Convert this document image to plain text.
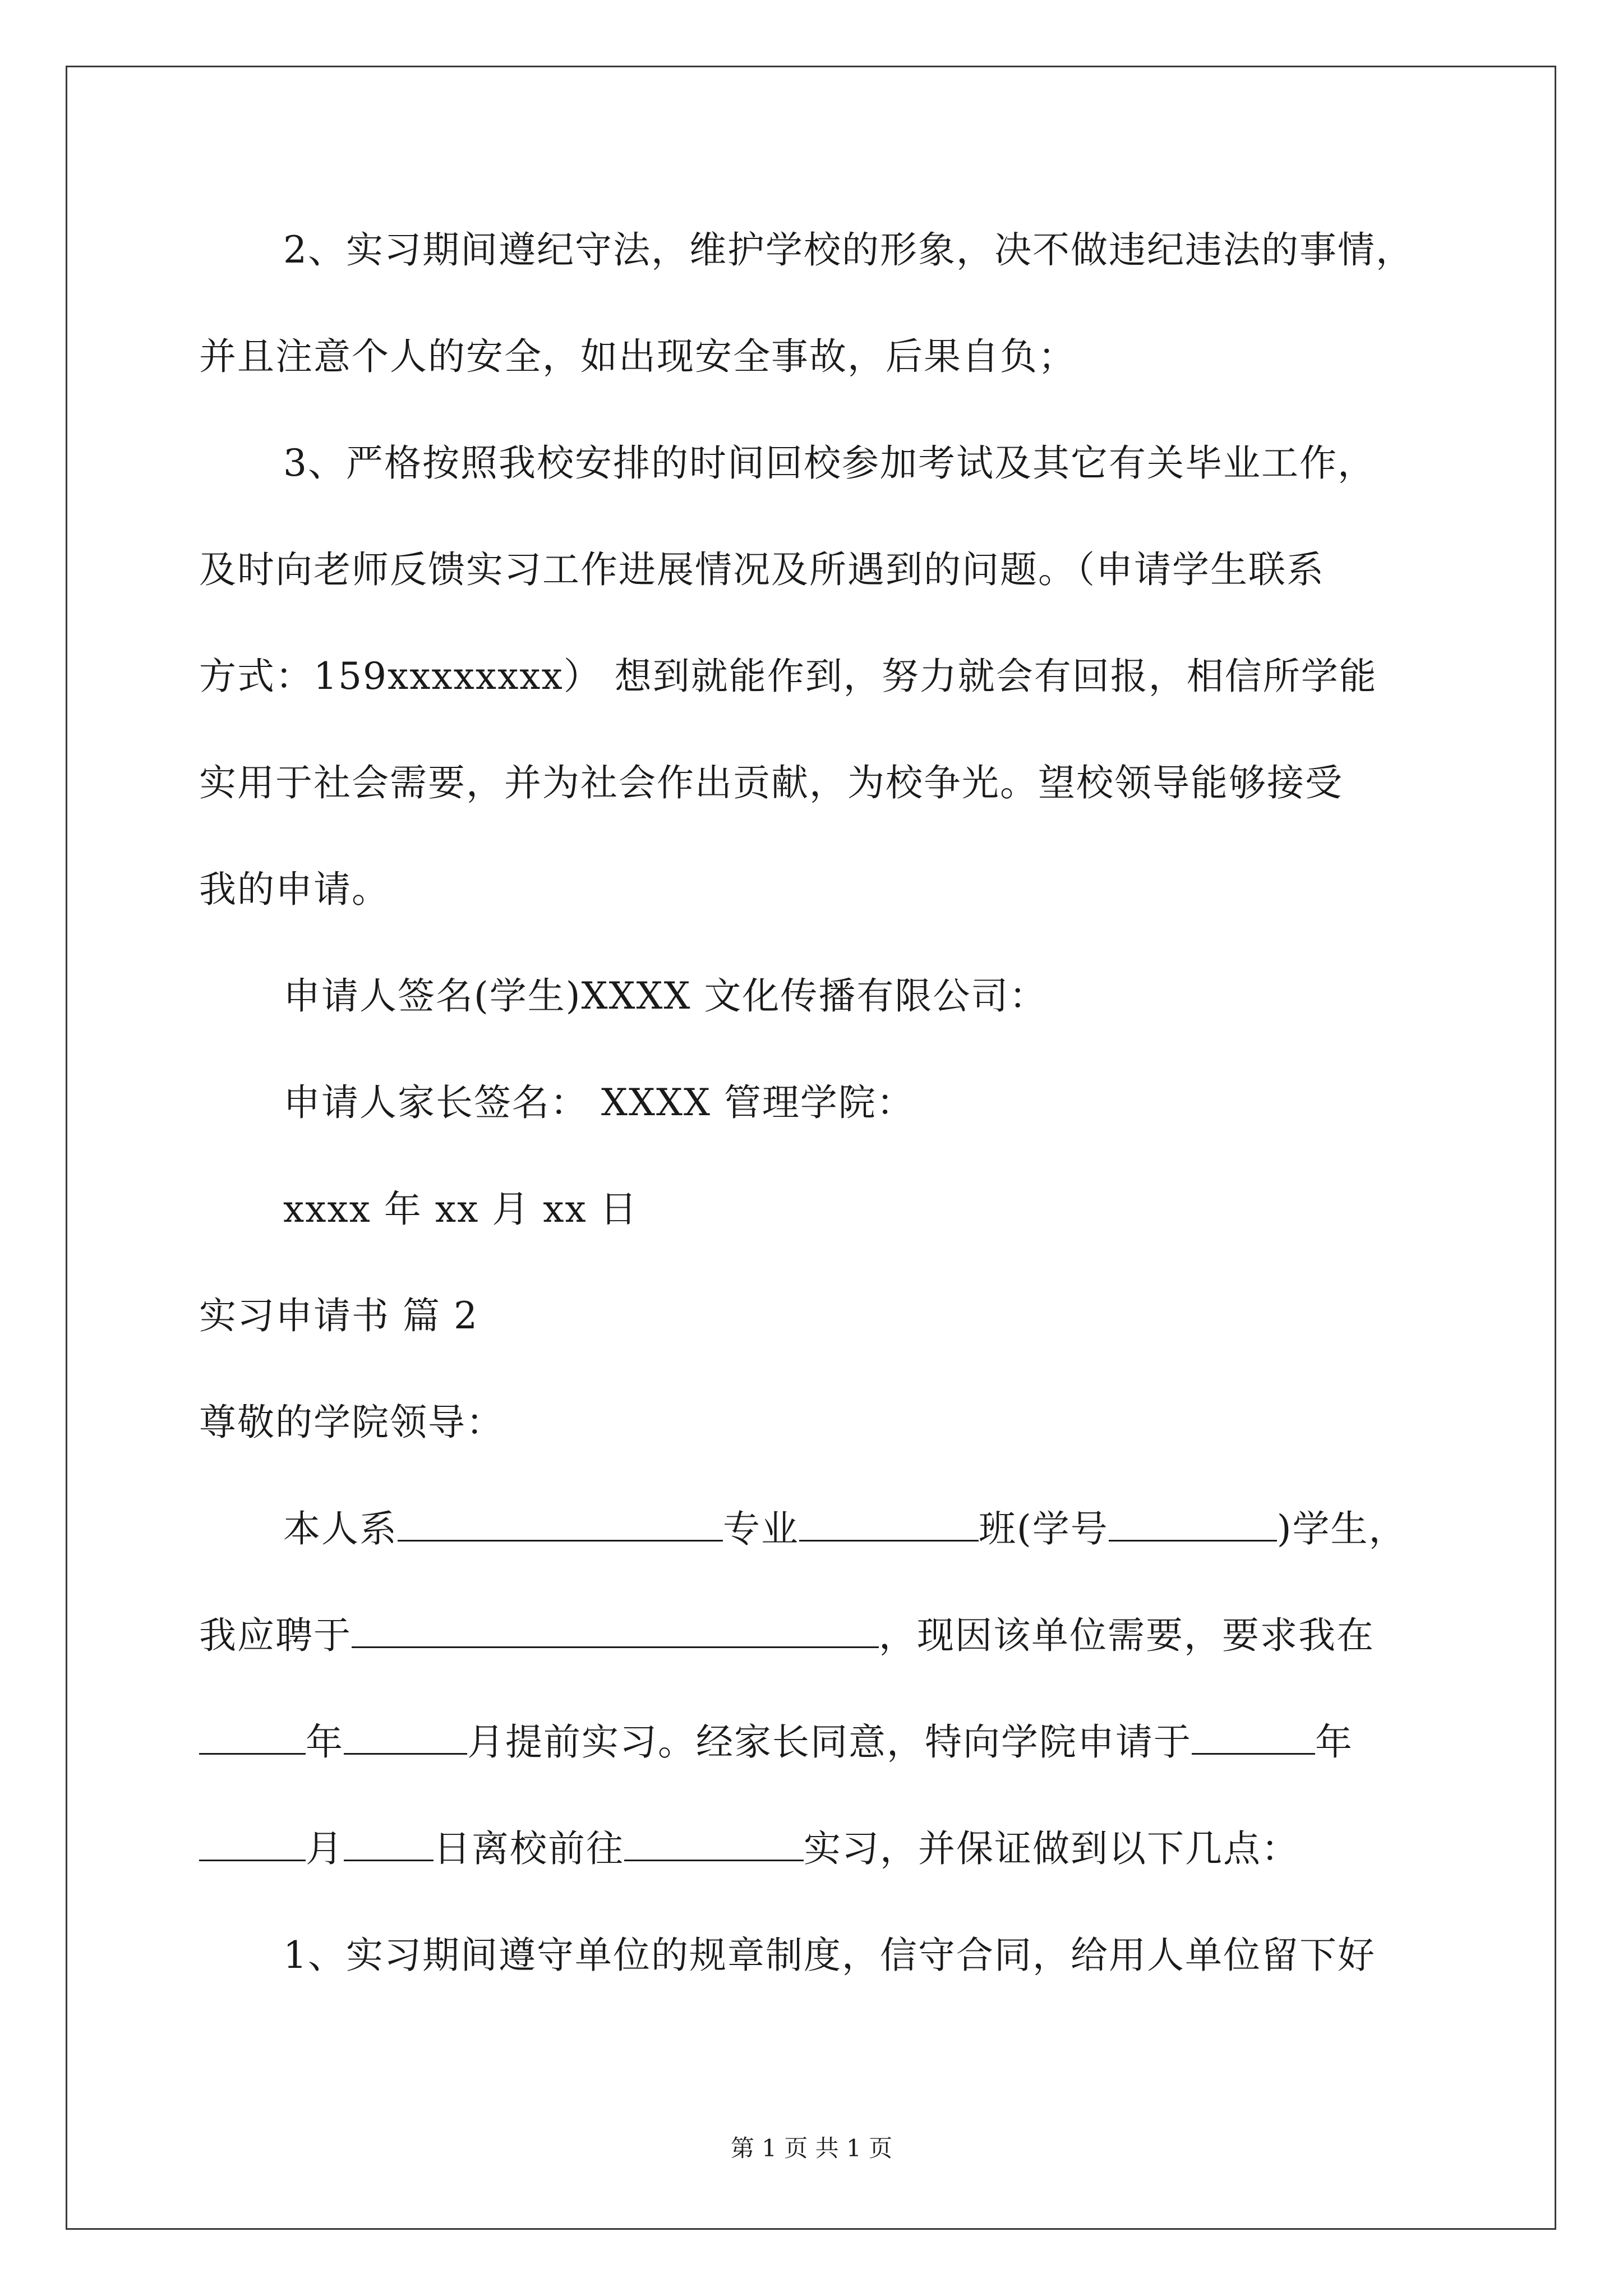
2、实习期间遵纪守法，维护学校的形象，决不做违纪违法的事情，
并且注意个人的安全，如出现安全事故，后果自负；
3、严格按照我校安排的时间回校参加考试及其它有关毕业工作，
及时向老师反馈实习工作进展情况及所遇到的问题。（申请学生联系
方式：159xxxxxxxx） 想到就能作到，努力就会有回报，相信所学能
实用于社会需要，并为社会作出贡献，为校争光。望校领导能够接受
我的申请。
申请人签名(学生)XXXX 文化传播有限公司：
申请人家长签名： XXXX 管理学院：
xxxx 年 xx 月 xx 日
实习申请书 篇 2
尊敬的学院领导：
本人系	专业	班(学号	)学生，
我应聘于	，现因该单位需要，要求我在
年	月提前实习。经家长同意，特向学院申请于	年
月 日离校前往	实习，并保证做到以下几点：
1、实习期间遵守单位的规章制度，信守合同，给用人单位留下好
第 1 页 共 1 页
